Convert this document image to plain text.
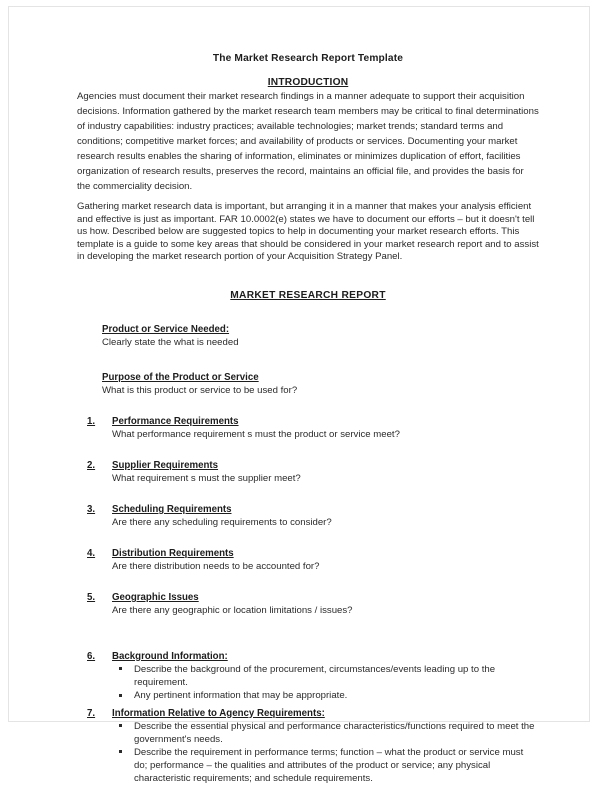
The Market Research Report Template
INTRODUCTION

Agencies must document their market research findings in a manner adequate to support their acquisition decisions. Information gathered by the market research team members may be critical to final determinations of industry capabilities: industry practices; available technologies; market trends; standard terms and conditions; competitive market forces; and availability of products or services. Documenting your market research results enables the sharing of information, eliminates or minimizes duplication of effort, facilities organization of research results, preserves the record, maintains an official file, and provides the basis for the commerciality decision.

Gathering market research data is important, but arranging it in a manner that makes your analysis efficient and effective is just as important. FAR 10.0002(e) states we have to document our efforts – but it doesn't tell us how. Described below are suggested topics to help in documenting your market research efforts. This template is a guide to some key areas that should be considered in your market research report and to assist in developing the market research portion of your Acquisition Strategy Panel.

MARKET RESEARCH REPORT
Product or Service Needed:

Clearly state the what is needed

Purpose of the Product or Service

What is this product or service to be used for?

1. Performance Requirements

What performance requirement s must the product or service meet?

2. Supplier Requirements

What requirement s must the supplier meet?

3. Scheduling Requirements

Are there any scheduling requirements to consider?

4. Distribution Requirements

Are there distribution needs to be accounted for?

5. Geographic Issues

Are there any geographic or location limitations / issues?

6. Background Information:
Describe the background of the procurement, circumstances/events leading up to the requirement.
Any pertinent information that may be appropriate.
7. Information Relative to Agency Requirements:
Describe the essential physical and performance characteristics/functions required to meet the government's needs.
Describe the requirement in performance terms; function – what the product or service must do; performance – the qualities and attributes of the product or service; any physical characteristic requirements; and schedule requirements.
